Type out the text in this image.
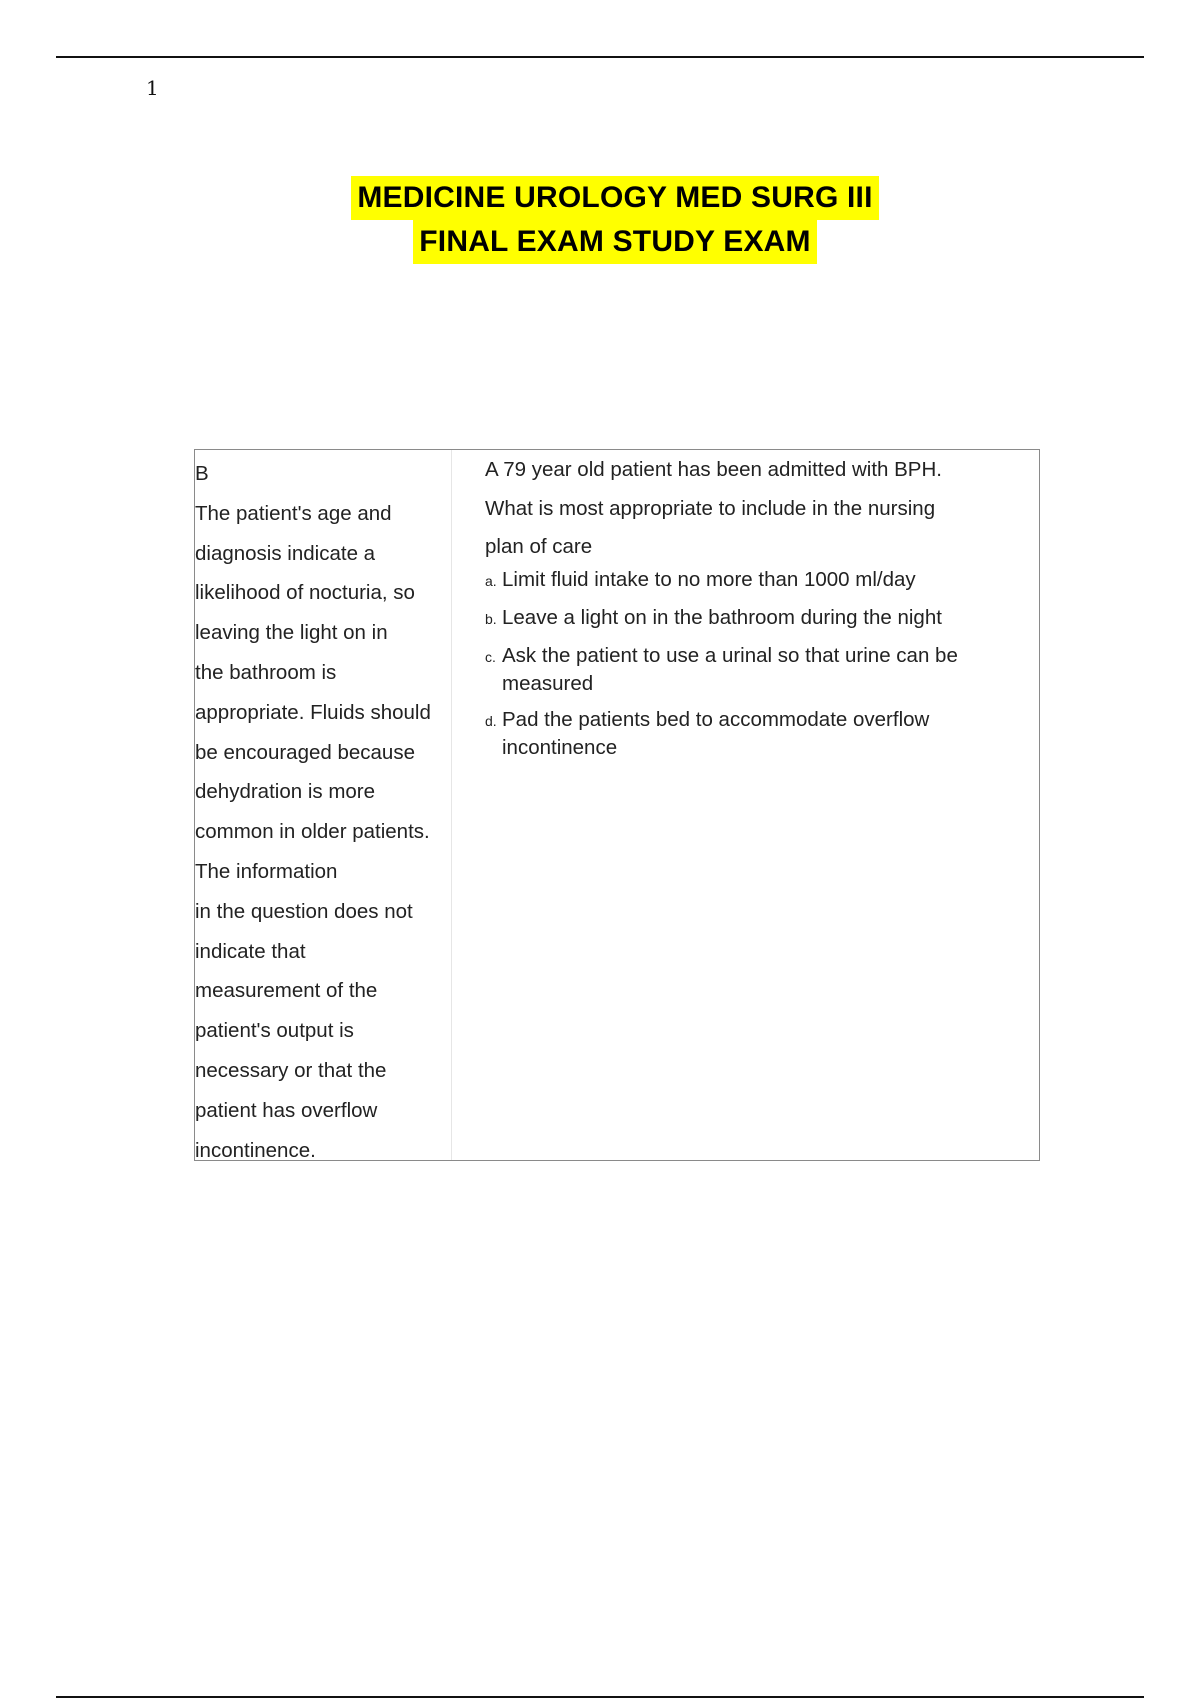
1
MEDICINE UROLOGY MED SURG III
FINAL EXAM STUDY EXAM
B
The patient's age and
diagnosis indicate a
likelihood of nocturia, so
leaving the light on in
the bathroom is
appropriate. Fluids should
be encouraged because
dehydration is more
common in older patients.
The information
in the question does not
indicate that
measurement of the
patient's output is
necessary or that the
patient has overflow
incontinence.
A 79 year old patient has been admitted with BPH.
What is most appropriate to include in the nursing
plan of care
a. Limit fluid intake to no more than 1000 ml/day
b. Leave a light on in the bathroom during the night
c. Ask the patient to use a urinal so that urine can be measured
d. Pad the patients bed to accommodate overflow incontinence
